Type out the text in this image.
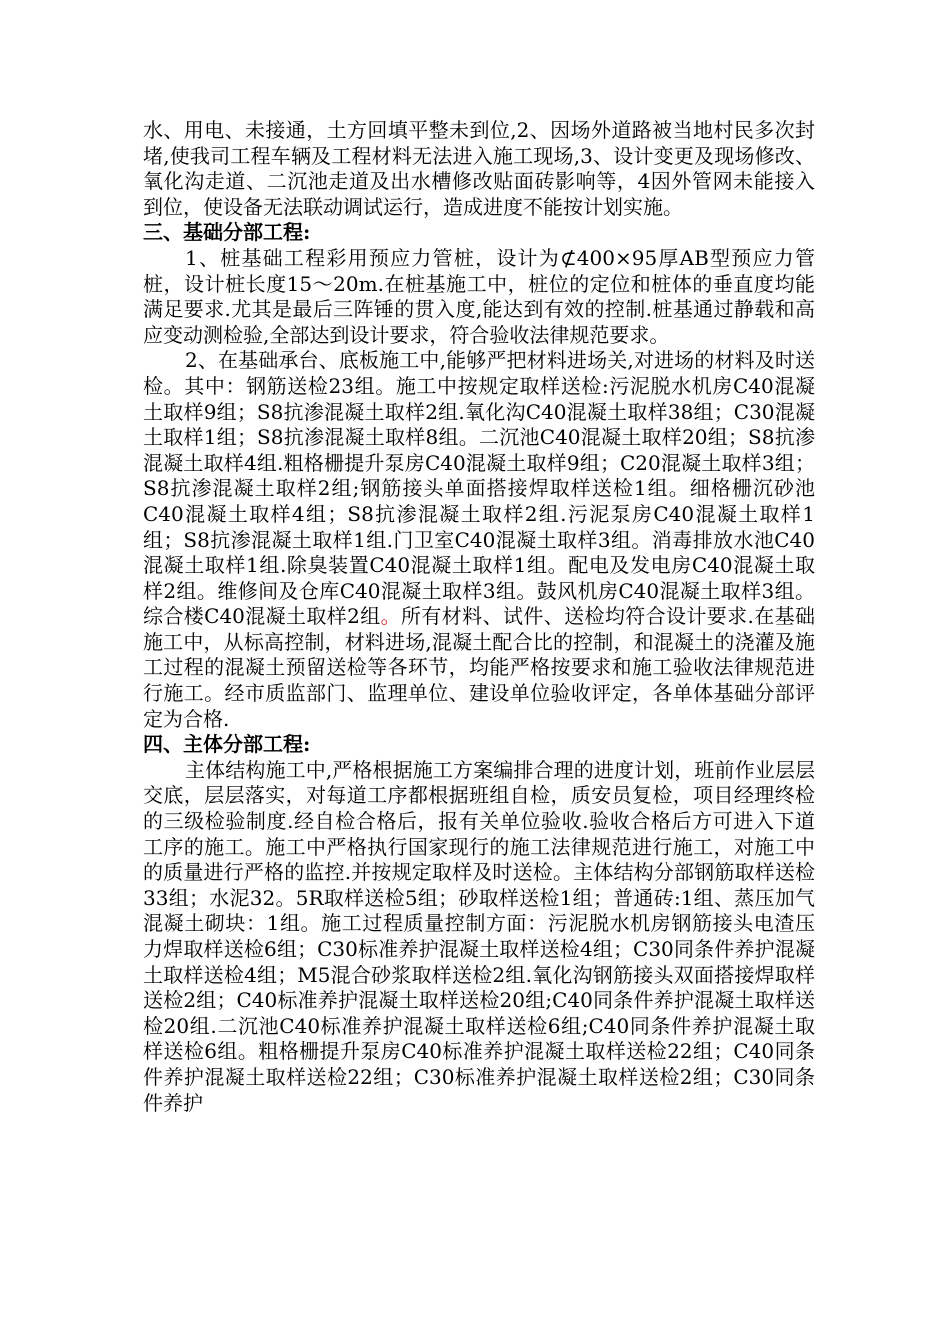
水、用电、未接通，土方回填平整未到位,2、因场外道路被当地村民多次封堵,使我司工程车辆及工程材料无法进入施工现场,3、设计变更及现场修改、氧化沟走道、二沉池走道及出水槽修改贴面砖影响等，4因外管网未能接入到位，使设备无法联动调试运行，造成进度不能按计划实施。

三、基础分部工程:

1、桩基础工程彩用预应力管桩，设计为⊄400×95厚AB型预应力管桩，设计桩长度15～20m.在桩基施工中，桩位的定位和桩体的垂直度均能满足要求.尤其是最后三阵锤的贯入度,能达到有效的控制.桩基通过静载和高应变动测检验,全部达到设计要求，符合验收法律规范要求。

2、在基础承台、底板施工中,能够严把材料进场关,对进场的材料及时送检。其中：钢筋送检23组。施工中按规定取样送检:污泥脱水机房C40混凝土取样9组；S8抗渗混凝土取样2组.氧化沟C40混凝土取样38组；C30混凝土取样1组；S8抗渗混凝土取样8组。二沉池C40混凝土取样20组；S8抗渗混凝土取样4组.粗格栅提升泵房C40混凝土取样9组；C20混凝土取样3组；S8抗渗混凝土取样2组;钢筋接头单面搭接焊取样送检1组。细格栅沉砂池C40混凝土取样4组；S8抗渗混凝土取样2组.污泥泵房C40混凝土取样1组；S8抗渗混凝土取样1组.门卫室C40混凝土取样3组。消毒排放水池C40混凝土取样1组.除臭装置C40混凝土取样1组。配电及发电房C40混凝土取样2组。维修间及仓库C40混凝土取样3组。鼓风机房C40混凝土取样3组。综合楼C40混凝土取样2组。所有材料、试件、送检均符合设计要求.在基础施工中，从标高控制，材料进场,混凝土配合比的控制，和混凝土的浇灌及施工过程的混凝土预留送检等各环节，均能严格按要求和施工验收法律规范进行施工。经市质监部门、监理单位、建设单位验收评定，各单体基础分部评定为合格.

四、主体分部工程:

主体结构施工中,严格根据施工方案编排合理的进度计划，班前作业层层交底，层层落实，对每道工序都根据班组自检，质安员复检，项目经理终检的三级检验制度.经自检合格后，报有关单位验收.验收合格后方可进入下道工序的施工。施工中严格执行国家现行的施工法律规范进行施工，对施工中的质量进行严格的监控.并按规定取样及时送检。主体结构分部钢筋取样送检33组；水泥32。5R取样送检5组；砂取样送检1组；普通砖:1组、蒸压加气混凝土砌块：1组。施工过程质量控制方面：污泥脱水机房钢筋接头电渣压力焊取样送检6组；C30标准养护混凝土取样送检4组；C30同条件养护混凝土取样送检4组；M5混合砂浆取样送检2组.氧化沟钢筋接头双面搭接焊取样送检2组；C40标准养护混凝土取样送检20组;C40同条件养护混凝土取样送检20组.二沉池C40标准养护混凝土取样送检6组;C40同条件养护混凝土取样送检6组。粗格栅提升泵房C40标准养护混凝土取样送检22组；C40同条件养护混凝土取样送检22组；C30标准养护混凝土取样送检2组；C30同条件养护
